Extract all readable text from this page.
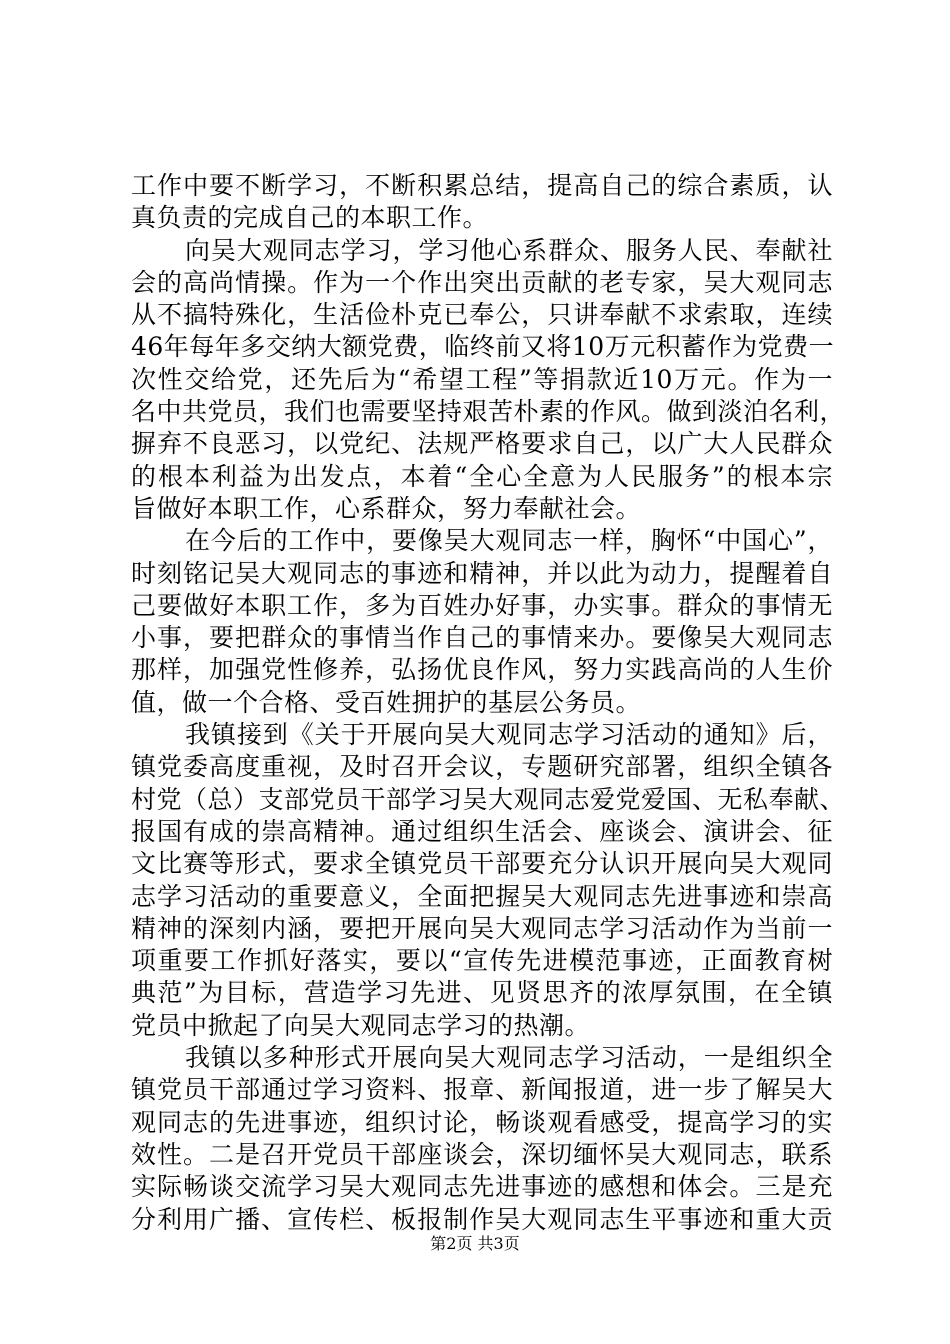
工作中要不断学习，不断积累总结，提高自己的综合素质，认
真负责的完成自己的本职工作。
向吴大观同志学习，学习他心系群众、服务人民、奉献社
会的高尚情操。作为一个作出突出贡献的老专家，吴大观同志
从不搞特殊化，生活俭朴克已奉公，只讲奉献不求索取，连续
46年每年多交纳大额党费，临终前又将10万元积蓄作为党费一
次性交给党，还先后为“希望工程”等捐款近10万元。作为一
名中共党员，我们也需要坚持艰苦朴素的作风。做到淡泊名利，
摒弃不良恶习，以党纪、法规严格要求自己，以广大人民群众
的根本利益为出发点，本着“全心全意为人民服务”的根本宗
旨做好本职工作，心系群众，努力奉献社会。
在今后的工作中，要像吴大观同志一样，胸怀“中国心”，
时刻铭记吴大观同志的事迹和精神，并以此为动力，提醒着自
己要做好本职工作，多为百姓办好事，办实事。群众的事情无
小事，要把群众的事情当作自己的事情来办。要像吴大观同志
那样，加强党性修养，弘扬优良作风，努力实践高尚的人生价
值，做一个合格、受百姓拥护的基层公务员。
我镇接到《关于开展向吴大观同志学习活动的通知》后，
镇党委高度重视，及时召开会议，专题研究部署，组织全镇各
村党（总）支部党员干部学习吴大观同志爱党爱国、无私奉献、
报国有成的崇高精神。通过组织生活会、座谈会、演讲会、征
文比赛等形式，要求全镇党员干部要充分认识开展向吴大观同
志学习活动的重要意义，全面把握吴大观同志先进事迹和崇高
精神的深刻内涵，要把开展向吴大观同志学习活动作为当前一
项重要工作抓好落实，要以“宣传先进模范事迹，正面教育树
典范”为目标，营造学习先进、见贤思齐的浓厚氛围，在全镇
党员中掀起了向吴大观同志学习的热潮。
我镇以多种形式开展向吴大观同志学习活动，一是组织全
镇党员干部通过学习资料、报章、新闻报道，进一步了解吴大
观同志的先进事迹，组织讨论，畅谈观看感受，提高学习的实
效性。二是召开党员干部座谈会，深切缅怀吴大观同志，联系
实际畅谈交流学习吴大观同志先进事迹的感想和体会。三是充
分利用广播、宣传栏、板报制作吴大观同志生平事迹和重大贡
第2页 共3页
